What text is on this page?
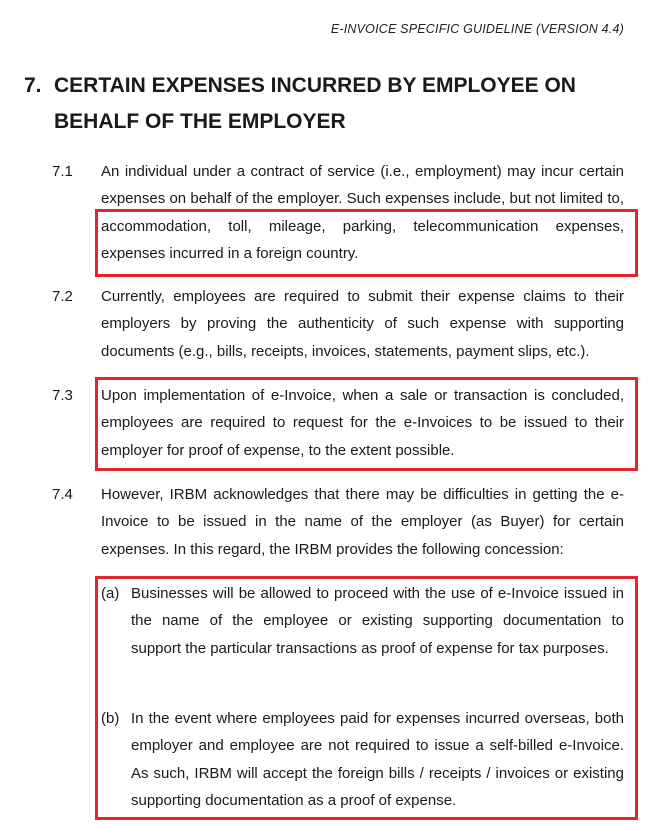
E-INVOICE SPECIFIC GUIDELINE (VERSION 4.4)
7. CERTAIN EXPENSES INCURRED BY EMPLOYEE ON BEHALF OF THE EMPLOYER
7.1 An individual under a contract of service (i.e., employment) may incur certain expenses on behalf of the employer. Such expenses include, but not limited to, accommodation, toll, mileage, parking, telecommunication expenses, expenses incurred in a foreign country.
7.2 Currently, employees are required to submit their expense claims to their employers by proving the authenticity of such expense with supporting documents (e.g., bills, receipts, invoices, statements, payment slips, etc.).
7.3 Upon implementation of e-Invoice, when a sale or transaction is concluded, employees are required to request for the e-Invoices to be issued to their employer for proof of expense, to the extent possible.
7.4 However, IRBM acknowledges that there may be difficulties in getting the e-Invoice to be issued in the name of the employer (as Buyer) for certain expenses. In this regard, the IRBM provides the following concession:
(a) Businesses will be allowed to proceed with the use of e-Invoice issued in the name of the employee or existing supporting documentation to support the particular transactions as proof of expense for tax purposes.
(b) In the event where employees paid for expenses incurred overseas, both employer and employee are not required to issue a self-billed e-Invoice. As such, IRBM will accept the foreign bills / receipts / invoices or existing supporting documentation as a proof of expense.
